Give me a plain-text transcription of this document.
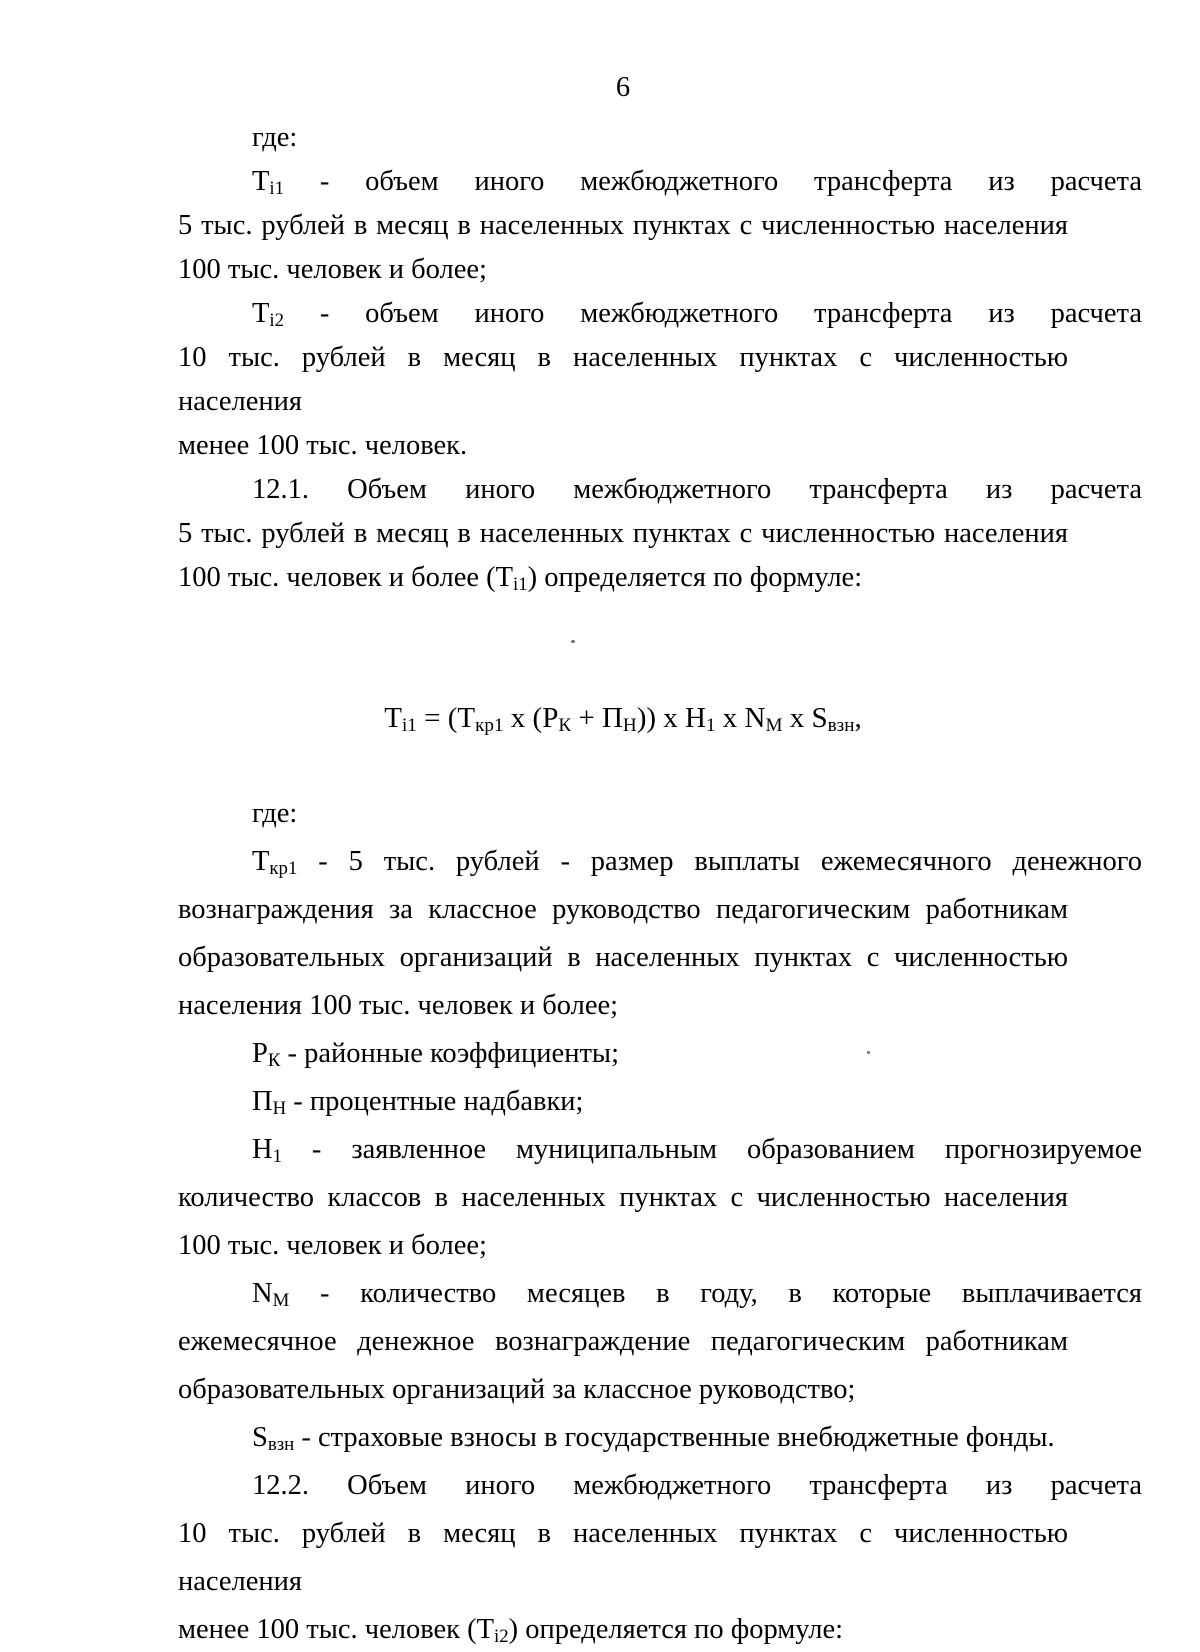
6
где:
$Т_{i1}$ - объем иного межбюджетного трансферта из расчета
5 тыс. рублей в месяц в населенных пунктах с численностью населения
100 тыс. человек и более;
$Т_{i2}$ - объем иного межбюджетного трансферта из расчета
10 тыс. рублей в месяц в населенных пунктах с численностью населения
менее 100 тыс. человек.
12.1. Объем иного межбюджетного трансферта из расчета
5 тыс. рублей в месяц в населенных пунктах с численностью населения
100 тыс. человек и более $(Т_{i1})$ определяется по формуле:
$Т_{i1} = (Т_{кр1}$ х $(Р_К + П_Н)$) х $Н_1$ х $N_М$ х $S_{взн}$,
где:
$Т_{кр1} - 5$ тыс. рублей - размер выплаты ежемесячного денежного
вознаграждения за классное руководство педагогическим работникам
образовательных организаций в населенных пунктах с численностью
населения 100 тыс. человек и более;
$Р_К$ - районные коэффициенты;
$П_Н$ - процентные надбавки;
$Н_1$ - заявленное муниципальным образованием прогнозируемое
количество классов в населенных пунктах с численностью населения
100 тыс. человек и более;
$N_М$ - количество месяцев в году, в которые выплачивается
ежемесячное денежное вознаграждение педагогическим работникам
образовательных организаций за классное руководство;
$S_{взн}$ - страховые взносы в государственные внебюджетные фонды.
12.2. Объем иного межбюджетного трансферта из расчета
10 тыс. рублей в месяц в населенных пунктах с численностью населения
менее 100 тыс. человек $(Т_{i2})$ определяется по формуле:
